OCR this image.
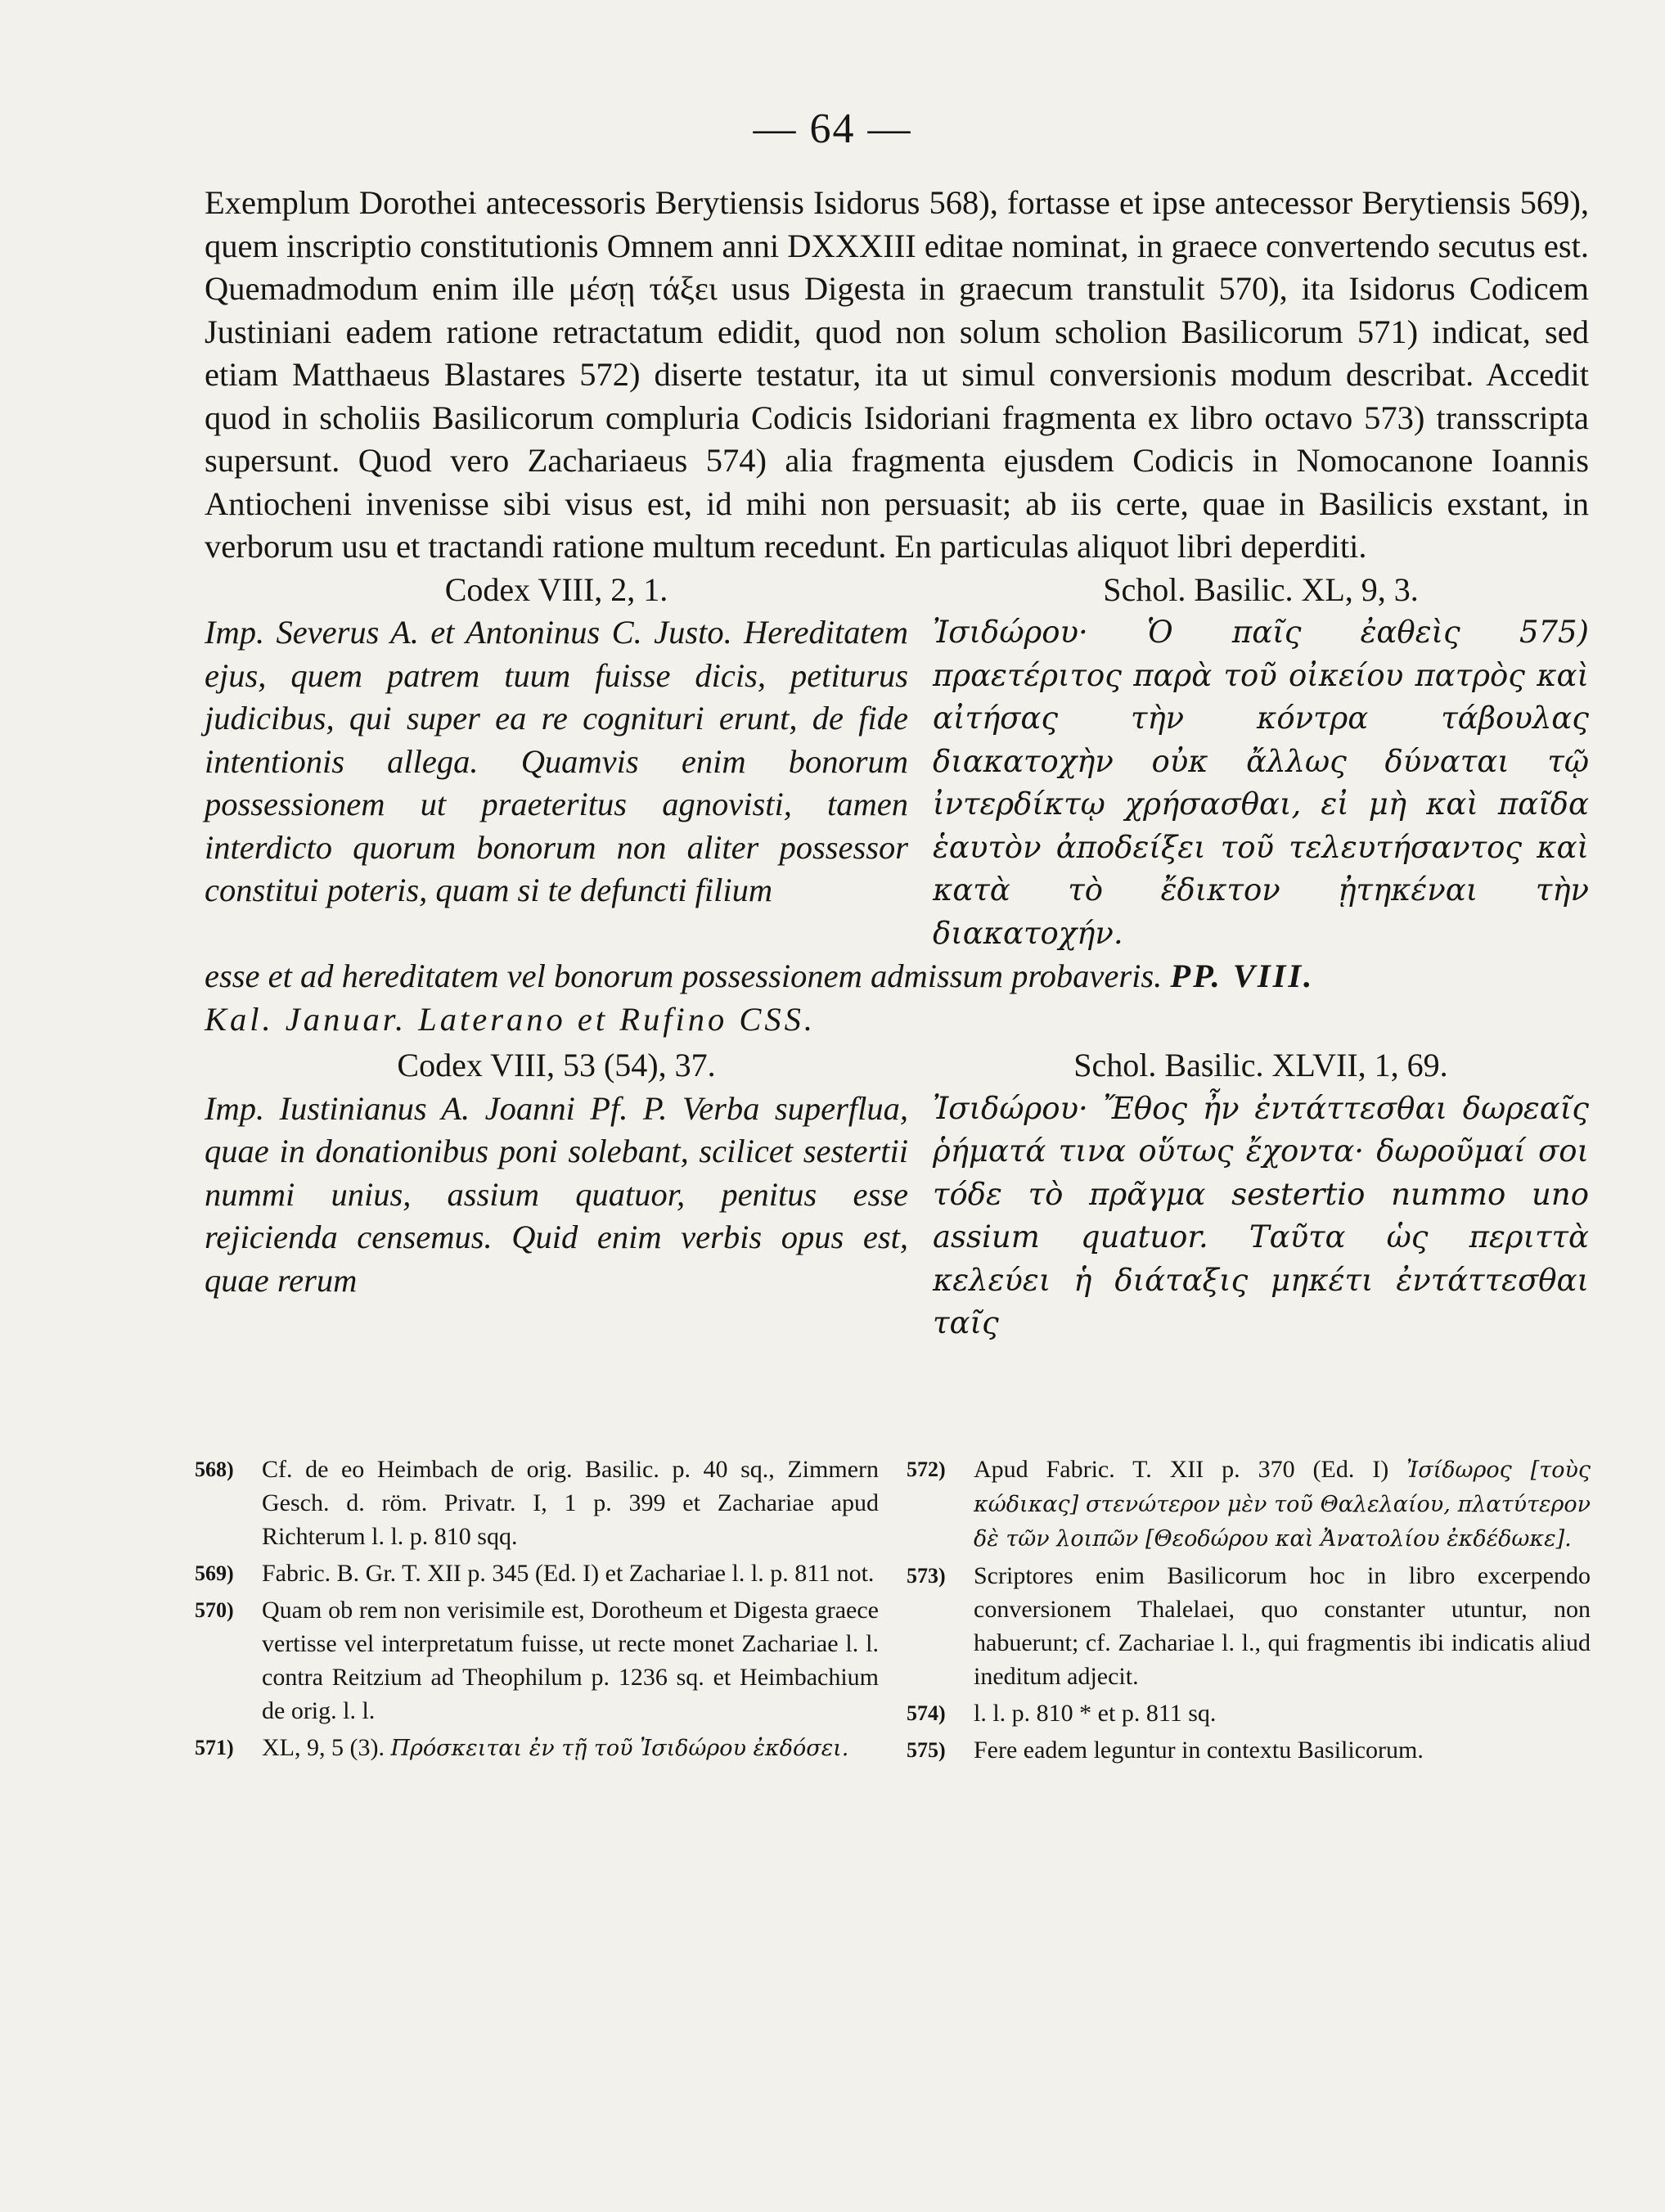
— 64 —

Exemplum Dorothei antecessoris Berytiensis Isidorus 568), fortasse et ipse antecessor Berytiensis 569), quem inscriptio constitutionis Omnem anni DXXXIII editae nominat, in graece convertendo secutus est. Quemadmodum enim ille μέσῃ τάξει usus Digesta in graecum transtulit 570), ita Isidorus Codicem Justiniani eadem ratione retractatum edidit, quod non solum scholion Basilicorum 571) indicat, sed etiam Matthaeus Blastares 572) diserte testatur, ita ut simul conversionis modum describat. Accedit quod in scholiis Basilicorum compluria Codicis Isidoriani fragmenta ex libro octavo 573) transscripta supersunt. Quod vero Zachariaeus 574) alia fragmenta ejusdem Codicis in Nomocanone Ioannis Antiocheni invenisse sibi visus est, id mihi non persuasit; ab iis certe, quae in Basilicis exstant, in verborum usu et tractandi ratione multum recedunt. En particulas aliquot libri deperditi.

Codex VIII, 2, 1.
Imp. Severus A. et Antoninus C. Justo. Hereditatem ejus, quem patrem tuum fuisse dicis, petiturus judicibus, qui super ea re cognituri erunt, de fide intentionis allega. Quamvis enim bonorum possessionem ut praeteritus agnovisti, tamen interdicto quorum bonorum non aliter possessor constitui poteris, quam si te defuncti filium
Schol. Basilic. XL, 9, 3.
Ἰσιδώρου· Ὁ παῖς ἐαθεὶς 575) πραετέριτος παρὰ τοῦ οἰκείου πατρὸς καὶ αἰτήσας τὴν κόντρα τάβουλας διακατοχὴν οὐκ ἄλλως δύναται τῷ ἰντερδίκτῳ χρήσασθαι, εἰ μὴ καὶ παῖδα ἑαυτὸν ἀποδείξει τοῦ τελευτήσαντος καὶ κατὰ τὸ ἔδικτον ᾐτηκέναι τὴν διακατοχήν.
esse et ad hereditatem vel bonorum possessionem admissum probaveris. PP. VIII.
Kal. Januar. Laterano et Rufino CSS.
Codex VIII, 53 (54), 37.
Imp. Iustinianus A. Joanni Pf. P. Verba superflua, quae in donationibus poni solebant, scilicet sestertii nummi unius, assium quatuor, penitus esse rejicienda censemus. Quid enim verbis opus est, quae rerum
Schol. Basilic. XLVII, 1, 69.
Ἰσιδώρου· Ἔθος ἦν ἐντάττεσθαι δωρεαῖς ῥήματά τινα οὕτως ἔχοντα· δωροῦμαί σοι τόδε τὸ πρᾶγμα sestertio nummo uno assium quatuor. Ταῦτα ὡς περιττὰ κελεύει ἡ διάταξις μηκέτι ἐντάττεσθαι ταῖς
568)	Cf. de eo Heimbach de orig. Basilic. p. 40 sq., Zimmern Gesch. d. röm. Privatr. I, 1 p. 399 et Zachariae apud Richterum l. l. p. 810 sqq.
569)	Fabric. B. Gr. T. XII p. 345 (Ed. I) et Zachariae l. l. p. 811 not.
570)	Quam ob rem non verisimile est, Dorotheum et Digesta graece vertisse vel interpretatum fuisse, ut recte monet Zachariae l. l. contra Reitzium ad Theophilum p. 1236 sq. et Heimbachium de orig. l. l.
571)	XL, 9, 5 (3). Πρόσκειται ἐν τῇ τοῦ Ἰσιδώρου ἐκδόσει.
572)	Apud Fabric. T. XII p. 370 (Ed. I) Ἰσίδωρος [τοὺς κώδικας] στενώτερον μὲν τοῦ Θαλελαίου, πλατύτερον δὲ τῶν λοιπῶν [Θεοδώρου καὶ Ἀνατολίου ἐκδέδωκε].
573)	Scriptores enim Basilicorum hoc in libro excerpendo conversionem Thalelaei, quo constanter utuntur, non habuerunt; cf. Zachariae l. l., qui fragmentis ibi indicatis aliud ineditum adjecit.
574)	l. l. p. 810 * et p. 811 sq.
575)	Fere eadem leguntur in contextu Basilicorum.
